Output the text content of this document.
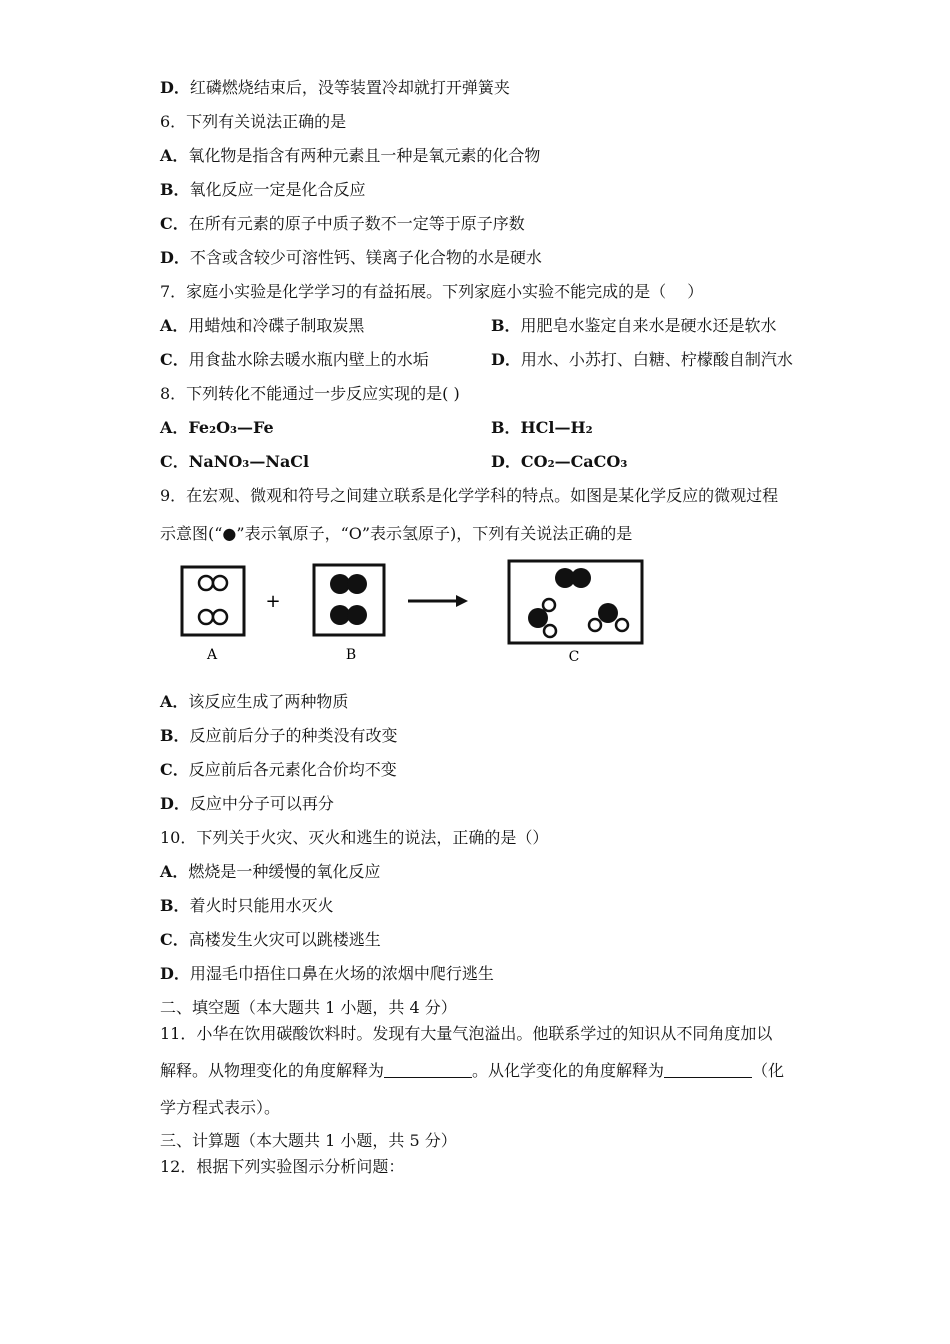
D．红磷燃烧结束后，没等装置冷却就打开弹簧夹
6．下列有关说法正确的是
A．氧化物是指含有两种元素且一种是氧元素的化合物
B．氧化反应一定是化合反应
C．在所有元素的原子中质子数不一定等于原子序数
D．不含或含较少可溶性钙、镁离子化合物的水是硬水
7．家庭小实验是化学学习的有益拓展。下列家庭小实验不能完成的是（　 ）
A．用蜡烛和冷碟子制取炭黑	B．用肥皂水鉴定自来水是硬水还是软水
C．用食盐水除去暖水瓶内壁上的水垢	D．用水、小苏打、白糖、柠檬酸自制汽水
8．下列转化不能通过一步反应实现的是( )
A．Fe₂O₃—Fe	B．HCl—H₂
C．NaNO₃—NaCl	D．CO₂—CaCO₃
9．在宏观、微观和符号之间建立联系是化学学科的特点。如图是某化学反应的微观过程
示意图(“●”表示氧原子，“O”表示氢原子)，下列有关说法正确的是
+
A	B	C
A．该反应生成了两种物质
B．反应前后分子的种类没有改变
C．反应前后各元素化合价均不变
D．反应中分子可以再分
10．下列关于火灾、灭火和逃生的说法，正确的是（）
A．燃烧是一种缓慢的氧化反应
B．着火时只能用水灭火
C．高楼发生火灾可以跳楼逃生
D．用湿毛巾捂住口鼻在火场的浓烟中爬行逃生
二、填空题（本大题共 1 小题，共 4 分）
11．小华在饮用碳酸饮料时。发现有大量气泡溢出。他联系学过的知识从不同角度加以
解释。从物理变化的角度解释为	。从化学变化的角度解释为	（化
学方程式表示）。
三、计算题（本大题共 1 小题，共 5 分）
12．根据下列实验图示分析问题：
